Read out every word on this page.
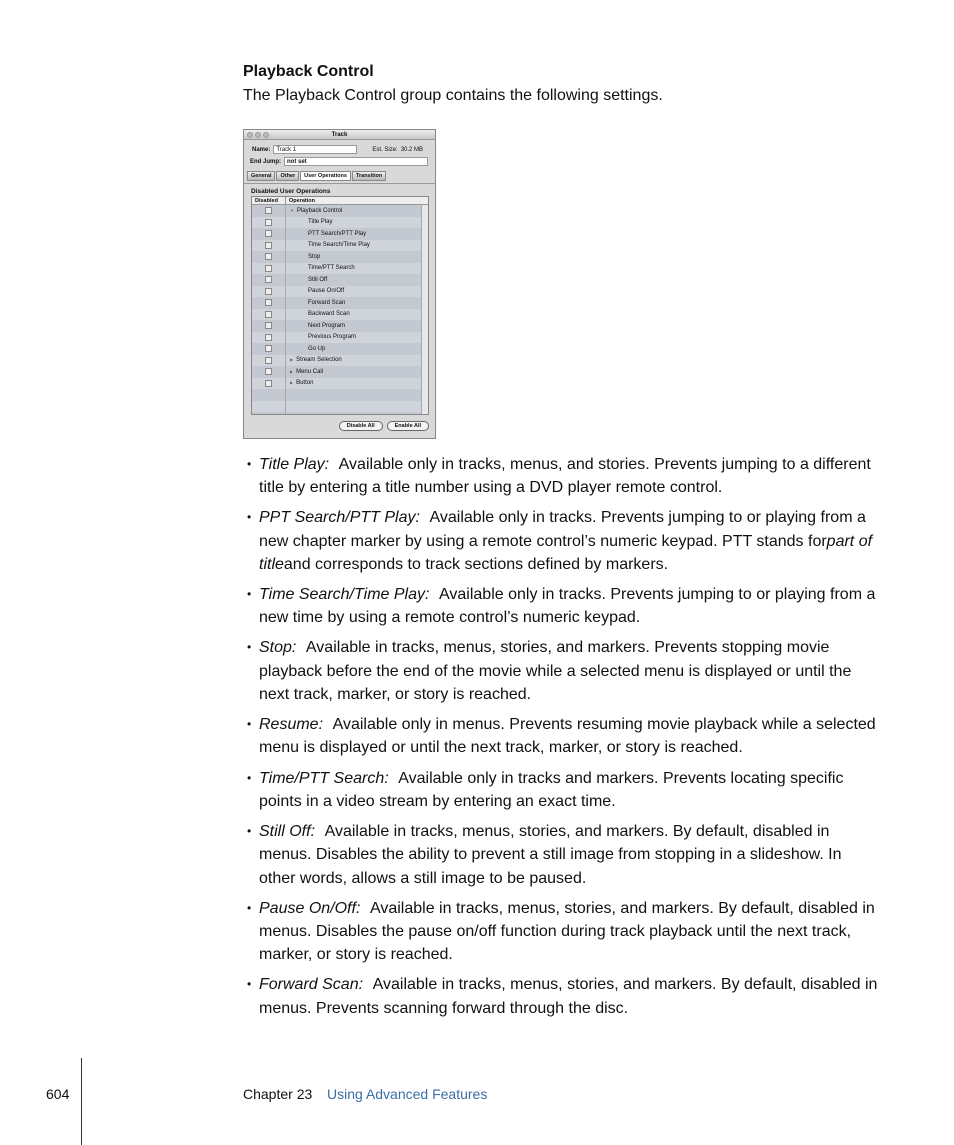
Playback Control
The Playback Control group contains the following settings.
Track
Name:	Track 1	Est. Size: 30.2 MB
End Jump:	not set
General	Other	User Operations	Transition
Disabled User Operations
Disabled	Operation
▼ Playback Control
Title Play
PTT Search/PTT Play
Time Search/Time Play
Stop
Time/PTT Search
Still Off
Pause On/Off
Forward Scan
Backward Scan
Next Program
Previous Program
Go Up
▶ Stream Selection
▶ Menu Call
▶ Button
Disable All	Enable All
• Title Play: Available only in tracks, menus, and stories. Prevents jumping to a different title by entering a title number using a DVD player remote control.
• PPT Search/PTT Play: Available only in tracks. Prevents jumping to or playing from a new chapter marker by using a remote control’s numeric keypad. PTT stands forpart of titleand corresponds to track sections defined by markers.
• Time Search/Time Play: Available only in tracks. Prevents jumping to or playing from a new time by using a remote control’s numeric keypad.
• Stop: Available in tracks, menus, stories, and markers. Prevents stopping movie playback before the end of the movie while a selected menu is displayed or until the next track, marker, or story is reached.
• Resume: Available only in menus. Prevents resuming movie playback while a selected menu is displayed or until the next track, marker, or story is reached.
• Time/PTT Search: Available only in tracks and markers. Prevents locating specific points in a video stream by entering an exact time.
• Still Off: Available in tracks, menus, stories, and markers. By default, disabled in menus. Disables the ability to prevent a still image from stopping in a slideshow. In other words, allows a still image to be paused.
• Pause On/Off: Available in tracks, menus, stories, and markers. By default, disabled in menus. Disables the pause on/off function during track playback until the next track, marker, or story is reached.
• Forward Scan: Available in tracks, menus, stories, and markers. By default, disabled in menus. Prevents scanning forward through the disc.
604	Chapter 23 Using Advanced Features
